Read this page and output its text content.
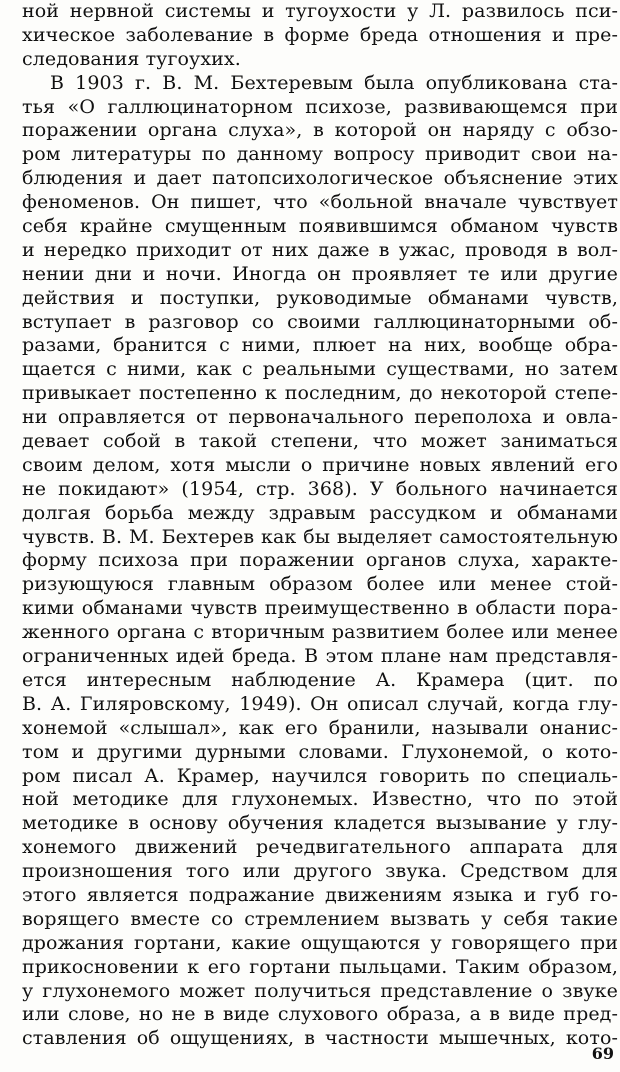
ной нервной системы и тугоухости у Л. развилось пси-
хическое заболевание в форме бреда отношения и пре-
следования тугоухих.
В 1903 г. В. М. Бехтеревым была опубликована ста-
тья «О галлюцинаторном психозе, развивающемся при
поражении органа слуха», в которой он наряду с обзо-
ром литературы по данному вопросу приводит свои на-
блюдения и дает патопсихологическое объяснение этих
феноменов. Он пишет, что «больной вначале чувствует
себя крайне смущенным появившимся обманом чувств
и нередко приходит от них даже в ужас, проводя в вол-
нении дни и ночи. Иногда он проявляет те или другие
действия и поступки, руководимые обманами чувств,
вступает в разговор со своими галлюцинаторными об-
разами, бранится с ними, плюет на них, вообще обра-
щается с ними, как с реальными существами, но затем
привыкает постепенно к последним, до некоторой степе-
ни оправляется от первоначального переполоха и овла-
девает собой в такой степени, что может заниматься
своим делом, хотя мысли о причине новых явлений его
не покидают» (1954, стр. 368). У больного начинается
долгая борьба между здравым рассудком и обманами
чувств. В. М. Бехтерев как бы выделяет самостоятельную
форму психоза при поражении органов слуха, характе-
ризующуюся главным образом более или менее стой-
кими обманами чувств преимущественно в области пора-
женного органа с вторичным развитием более или менее
ограниченных идей бреда. В этом плане нам представля-
ется интересным наблюдение А. Крамера (цит. по
В. А. Гиляровскому, 1949). Он описал случай, когда глу-
хонемой «слышал», как его бранили, называли онанис-
том и другими дурными словами. Глухонемой, о кото-
ром писал А. Крамер, научился говорить по специаль-
ной методике для глухонемых. Известно, что по этой
методике в основу обучения кладется вызывание у глу-
хонемого движений речедвигательного аппарата для
произношения того или другого звука. Средством для
этого является подражание движениям языка и губ го-
ворящего вместе со стремлением вызвать у себя такие
дрожания гортани, какие ощущаются у говорящего при
прикосновении к его гортани пыльцами. Таким образом,
у глухонемого может получиться представление о звуке
или слове, но не в виде слухового образа, а в виде пред-
ставления об ощущениях, в частности мышечных, кото-
69
